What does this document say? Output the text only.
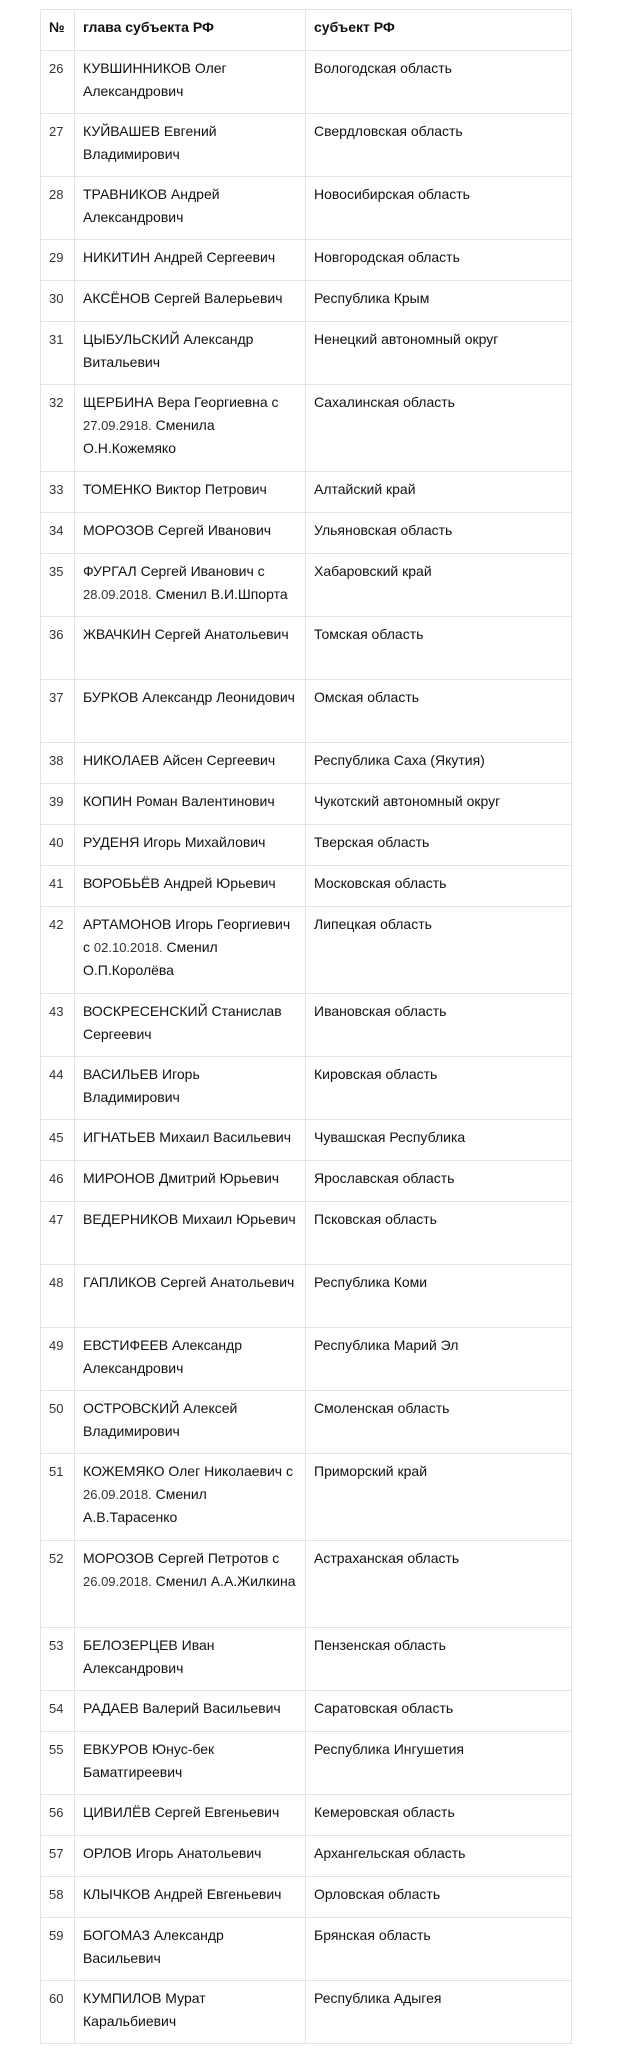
№	глава субъекта РФ	субъект РФ
26	КУВШИННИКОВ Олег Александрович	Вологодская область
27	КУЙВАШЕВ Евгений Владимирович	Свердловская область
28	ТРАВНИКОВ Андрей Александрович	Новосибирская область
29	НИКИТИН Андрей Сергеевич	Новгородская область
30	АКСЁНОВ Сергей Валерьевич	Республика Крым
31	ЦЫБУЛЬСКИЙ Александр Витальевич	Ненецкий автономный округ
32	ЩЕРБИНА Вера Георгиевна с 27.09.2918. Сменила О.Н.Кожемяко	Сахалинская область
33	ТОМЕНКО Виктор Петрович	Алтайский край
34	МОРОЗОВ Сергей Иванович	Ульяновская область
35	ФУРГАЛ Сергей Иванович с 28.09.2018. Сменил В.И.Шпорта	Хабаровский край
36	ЖВАЧКИН Сергей Анатольевич	Томская область
37	БУРКОВ Александр Леонидович	Омская область
38	НИКОЛАЕВ Айсен Сергеевич	Республика Саха (Якутия)
39	КОПИН Роман Валентинович	Чукотский автономный округ
40	РУДЕНЯ Игорь Михайлович	Тверская область
41	ВОРОБЬЁВ Андрей Юрьевич	Московская область
42	АРТАМОНОВ Игорь Георгиевич с 02.10.2018. Сменил О.П.Королёва	Липецкая область
43	ВОСКРЕСЕНСКИЙ Станислав Сергеевич	Ивановская область
44	ВАСИЛЬЕВ Игорь Владимирович	Кировская область
45	ИГНАТЬЕВ Михаил Васильевич	Чувашская Республика
46	МИРОНОВ Дмитрий Юрьевич	Ярославская область
47	ВЕДЕРНИКОВ Михаил Юрьевич	Псковская область
48	ГАПЛИКОВ Сергей Анатольевич	Республика Коми
49	ЕВСТИФЕЕВ Александр Александрович	Республика Марий Эл
50	ОСТРОВСКИЙ Алексей Владимирович	Смоленская область
51	КОЖЕМЯКО Олег Николаевич с 26.09.2018. Сменил А.В.Тарасенко	Приморский край
52	МОРОЗОВ Сергей Петротов с 26.09.2018. Сменил А.А.Жилкина	Астраханская область
53	БЕЛОЗЕРЦЕВ Иван Александрович	Пензенская область
54	РАДАЕВ Валерий Васильевич	Саратовская область
55	ЕВКУРОВ Юнус-бек Баматгиреевич	Республика Ингушетия
56	ЦИВИЛЁВ Сергей Евгеньевич	Кемеровская область
57	ОРЛОВ Игорь Анатольевич	Архангельская область
58	КЛЫЧКОВ Андрей Евгеньевич	Орловская область
59	БОГОМАЗ Александр Васильевич	Брянская область
60	КУМПИЛОВ Мурат Каральбиевич	Республика Адыгея
